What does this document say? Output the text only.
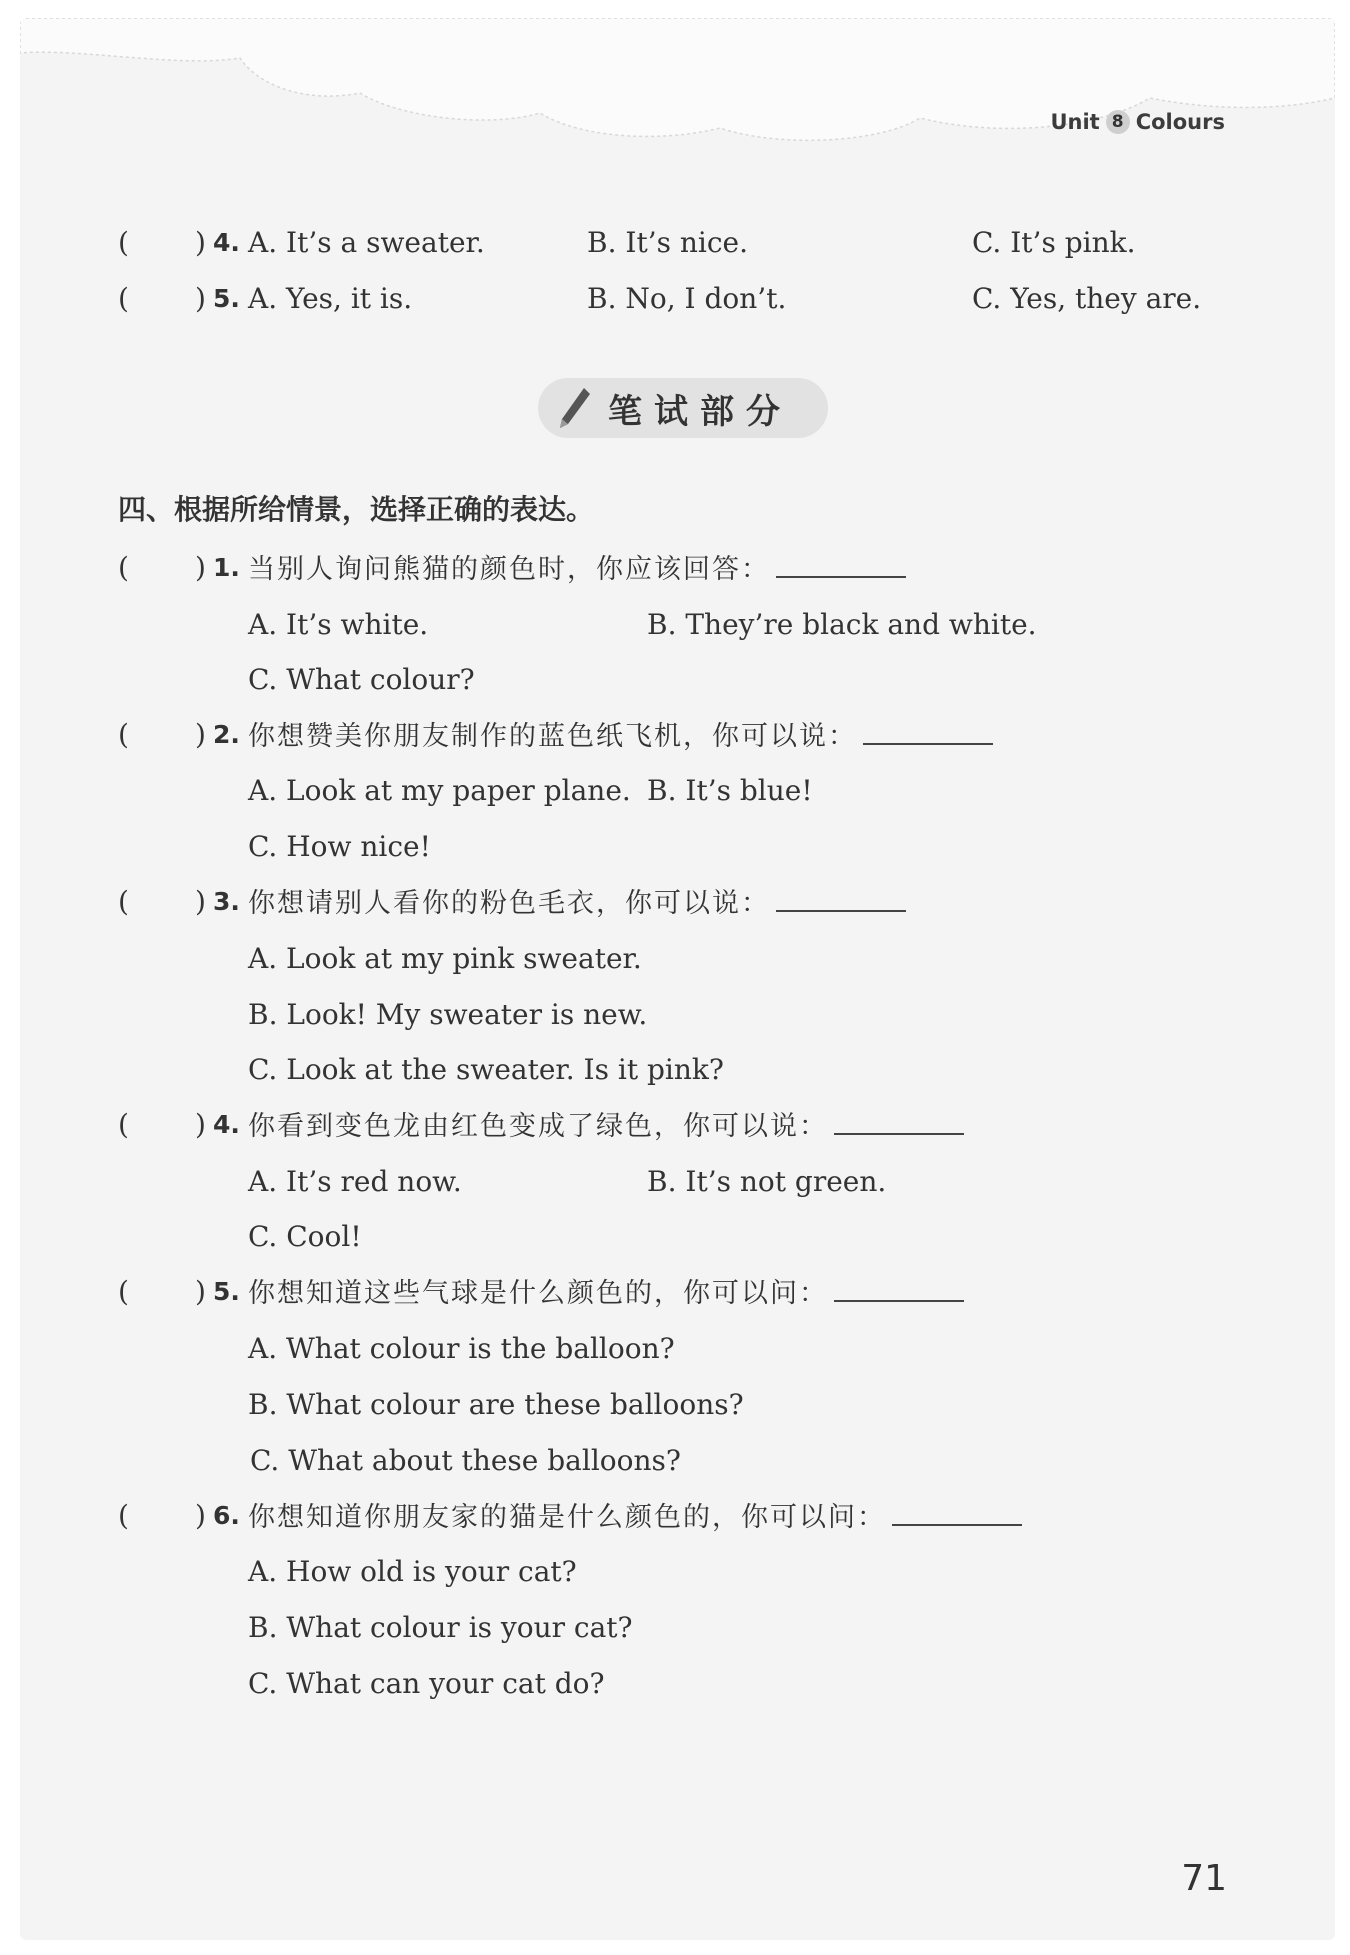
Unit 8 Colours
( ) 4. A. It’s a sweater.	B. It’s nice.	C. It’s pink.
( ) 5. A. Yes, it is.	B. No, I don’t.	C. Yes, they are.
笔试部分
四、根据所给情景，选择正确的表达。
( ) 1. 当别人询问熊猫的颜色时，你应该回答：
A. It’s white.	B. They’re black and white.
C. What colour?
( ) 2. 你想赞美你朋友制作的蓝色纸飞机，你可以说：
A. Look at my paper plane. B. It’s blue!
C. How nice!
( ) 3. 你想请别人看你的粉色毛衣，你可以说：
A. Look at my pink sweater.
B. Look! My sweater is new.
C. Look at the sweater. Is it pink?
( ) 4. 你看到变色龙由红色变成了绿色，你可以说：
A. It’s red now.	B. It’s not green.
C. Cool!
( ) 5. 你想知道这些气球是什么颜色的，你可以问：
A. What colour is the balloon?
B. What colour are these balloons?
C. What about these balloons?
( ) 6. 你想知道你朋友家的猫是什么颜色的，你可以问：
A. How old is your cat?
B. What colour is your cat?
C. What can your cat do?
71
